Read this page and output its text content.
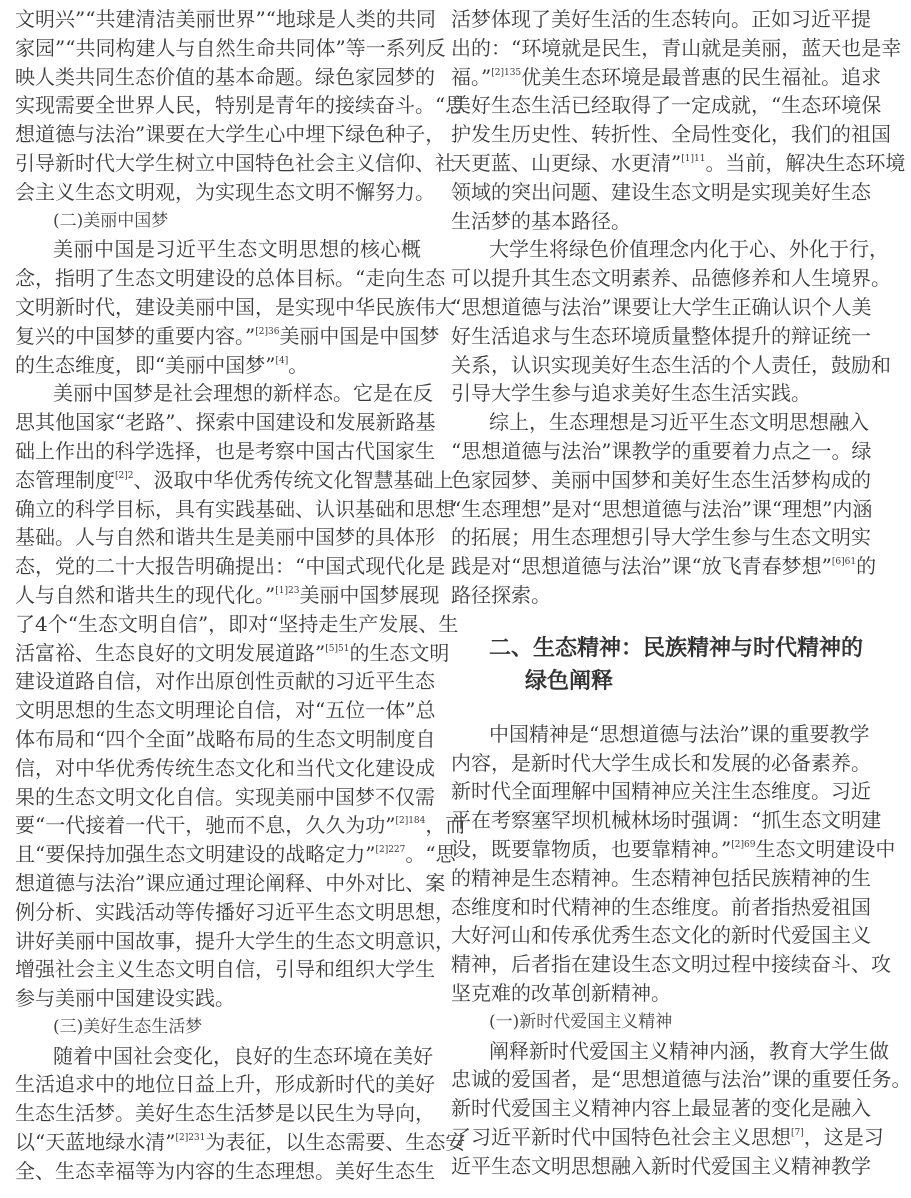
文明兴”“共建清洁美丽世界”“地球是人类的共同
家园”“共同构建人与自然生命共同体”等一系列反
映人类共同生态价值的基本命题。绿色家园梦的
实现需要全世界人民，特别是青年的接续奋斗。“思
想道德与法治”课要在大学生心中埋下绿色种子，
引导新时代大学生树立中国特色社会主义信仰、社
会主义生态文明观，为实现生态文明不懈努力。
(二)美丽中国梦
美丽中国是习近平生态文明思想的核心概
念，指明了生态文明建设的总体目标。“走向生态
文明新时代，建设美丽中国，是实现中华民族伟大
复兴的中国梦的重要内容。”$^{[2]36}$美丽中国是中国梦
的生态维度，即“美丽中国梦”[4]。
美丽中国梦是社会理想的新样态。它是在反
思其他国家“老路”、探索中国建设和发展新路基
础上作出的科学选择，也是考察中国古代国家生
态管理制度$^{[2]2}$、汲取中华优秀传统文化智慧基础上
确立的科学目标，具有实践基础、认识基础和思想
基础。人与自然和谐共生是美丽中国梦的具体形
态，党的二十大报告明确提出：“中国式现代化是
人与自然和谐共生的现代化。”$^{[1]23}$美丽中国梦展现
了4个“生态文明自信”，即对“坚持走生产发展、生
活富裕、生态良好的文明发展道路”$^{[5]51}$的生态文明
建设道路自信，对作出原创性贡献的习近平生态
文明思想的生态文明理论自信，对“五位一体”总
体布局和“四个全面”战略布局的生态文明制度自
信，对中华优秀传统生态文化和当代文化建设成
果的生态文明文化自信。实现美丽中国梦不仅需
要“一代接着一代干，驰而不息，久久为功”$^{[2]184}$，而
且“要保持加强生态文明建设的战略定力”$^{[2]227}$。“思
想道德与法治”课应通过理论阐释、中外对比、案
例分析、实践活动等传播好习近平生态文明思想，
讲好美丽中国故事，提升大学生的生态文明意识，
增强社会主义生态文明自信，引导和组织大学生
参与美丽中国建设实践。
(三)美好生态生活梦
随着中国社会变化，良好的生态环境在美好
生活追求中的地位日益上升，形成新时代的美好
生态生活梦。美好生态生活梦是以民生为导向，
以“天蓝地绿水清”$^{[2]231}$为表征，以生态需要、生态安
全、生态幸福等为内容的生态理想。美好生态生
活梦体现了美好生活的生态转向。正如习近平提
出的：“环境就是民生，青山就是美丽，蓝天也是幸
福。”$^{[2]135}$优美生态环境是最普惠的民生福祉。追求
美好生态生活已经取得了一定成就，“生态环境保
护发生历史性、转折性、全局性变化，我们的祖国
天更蓝、山更绿、水更清”$^{[1]11}$。当前，解决生态环境
领域的突出问题、建设生态文明是实现美好生态
生活梦的基本路径。
大学生将绿色价值理念内化于心、外化于行，
可以提升其生态文明素养、品德修养和人生境界。
“思想道德与法治”课要让大学生正确认识个人美
好生活追求与生态环境质量整体提升的辩证统一
关系，认识实现美好生态生活的个人责任，鼓励和
引导大学生参与追求美好生态生活实践。
综上，生态理想是习近平生态文明思想融入
“思想道德与法治”课教学的重要着力点之一。绿
色家园梦、美丽中国梦和美好生态生活梦构成的
“生态理想”是对“思想道德与法治”课“理想”内涵
的拓展；用生态理想引导大学生参与生态文明实
践是对“思想道德与法治”课“放飞青春梦想”$^{[6]61}$的
路径探索。
二、生态精神：民族精神与时代精神的
绿色阐释
中国精神是“思想道德与法治”课的重要教学
内容，是新时代大学生成长和发展的必备素养。
新时代全面理解中国精神应关注生态维度。习近
平在考察塞罕坝机械林场时强调：“抓生态文明建
设，既要靠物质，也要靠精神。”$^{[2]69}$生态文明建设中
的精神是生态精神。生态精神包括民族精神的生
态维度和时代精神的生态维度。前者指热爱祖国
大好河山和传承优秀生态文化的新时代爱国主义
精神，后者指在建设生态文明过程中接续奋斗、攻
坚克难的改革创新精神。
(一)新时代爱国主义精神
阐释新时代爱国主义精神内涵，教育大学生做
忠诚的爱国者，是“思想道德与法治”课的重要任务。
新时代爱国主义精神内容上最显著的变化是融入
了习近平新时代中国特色社会主义思想[7]，这是习
近平生态文明思想融入新时代爱国主义精神教学
